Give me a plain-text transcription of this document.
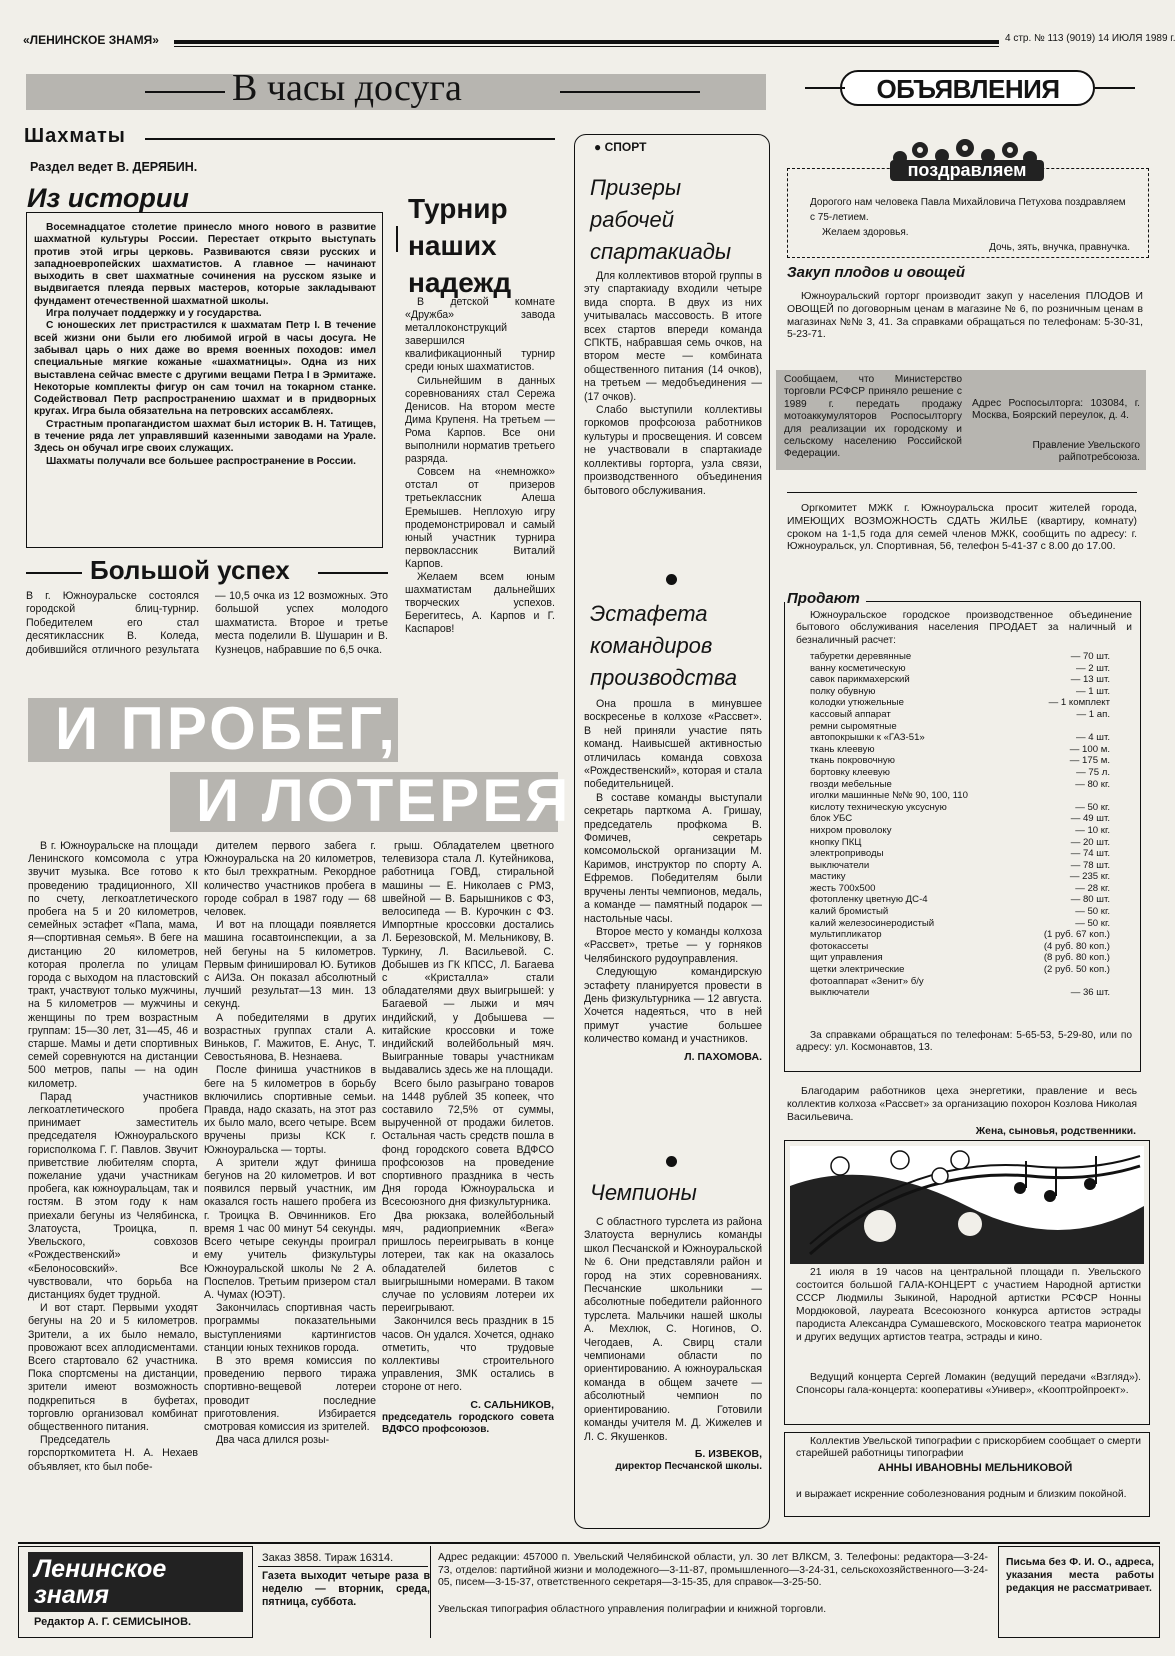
«ЛЕНИНСКОЕ ЗНАМЯ»	4 стр. № 113 (9019) 14 ИЮЛЯ 1989 г.
В часы досуга	ОБЪЯВЛЕНИЯ
Шахматы
Раздел ведет В. ДЕРЯБИН.
Из истории

Восемнадцатое столетие принесло много нового в развитие шахматной культуры России. Перестает открыто выступать против этой игры церковь. Развиваются связи русских и западноевропейских шахматистов. А главное — начинают выходить в свет шахматные сочинения на русском языке и выдвигается плеяда первых мастеров, которые закладывают фундамент отечественной шахматной школы.

Игра получает поддержку и у государства.

С юношеских лет пристрастился к шахматам Петр I. В течение всей жизни они были его любимой игрой в часы досуга. Не забывал царь о них даже во время военных походов: имел специальные мягкие кожаные «шахматницы». Одна из них выставлена сейчас вместе с другими вещами Петра I в Эрмитаже. Некоторые комплекты фигур он сам точил на токарном станке. Содействовал Петр распространению шахмат и в придворных кругах. Игра была обязательна на петровских ассамблеях.

Страстным пропагандистом шахмат был историк В. Н. Татищев, в течение ряда лет управлявший казенными заводами на Урале. Здесь он обучал игре своих служащих.

Шахматы получали все большее распространение в России.

Турнир наших надежд

В детской комнате «Дружба» завода металлоконструкций завершился квалификационный турнир среди юных шахматистов.

Сильнейшим в данных соревнованиях стал Сережа Денисов. На втором месте Дима Крупеня. На третьем — Рома Карпов. Все они выполнили норматив третьего разряда.

Совсем на «немножко» отстал от призеров третьеклассник Алеша Еремышев. Неплохую игру продемонстрировал и самый юный участник турнира первоклассник Виталий Карпов.

Желаем всем юным шахматистам дальнейших творческих успехов. Берегитесь, А. Карпов и Г. Каспаров!

Большой успех
В г. Южноуральске состоялся городской блиц-турнир. Победителем его стал десятиклассник В. Коледа, добившийся отличного результата — 10,5 очка из 12 возможных. Это большой успех молодого шахматиста. Второе и третье места поделили В. Шушарин и В. Кузнецов, набравшие по 6,5 очка.
И ПРОБЕГ,
И ЛОТЕРЕЯ

В г. Южноуральске на площади Ленинского комсомола с утра звучит музыка. Все готово к проведению традиционного, XII по счету, легкоатлетического пробега на 5 и 20 километров, семейных эстафет «Папа, мама, я—спортивная семья». В беге на дистанцию 20 километров, которая пролегла по улицам города с выходом на пластовский тракт, участвуют только мужчины, на 5 километров — мужчины и женщины по трем возрастным группам: 15—30 лет, 31—45, 46 и старше. Мамы и дети спортивных семей соревнуются на дистанции 500 метров, папы — на один километр.

Парад участников легкоатлетического пробега принимает заместитель председателя Южноуральского горисполкома Г. Г. Павлов. Звучит приветствие любителям спорта, пожелание удачи участникам пробега, как южноуральцам, так и гостям. В этом году к нам приехали бегуны из Челябинска, Златоуста, Троицка, п. Увельского, совхозов «Рождественский» и «Белоносовский». Все чувствовали, что борьба на дистанциях будет трудной.

И вот старт. Первыми уходят бегуны на 20 и 5 километров. Зрители, а их было немало, провожают всех аплодисментами. Всего стартовало 62 участника. Пока спортсмены на дистанции, зрители имеют возможность подкрепиться в буфетах, торговлю организовал комбинат общественного питания.

Председатель горспорткомитета Н. А. Нехаев объявляет, кто был побе-

дителем первого забега г. Южноуральска на 20 километров, кто был трехкратным. Рекордное количество участников пробега в городе собрал в 1987 году — 68 человек.

И вот на площади появляется машина госавтоинспекции, а за ней бегуны на 5 километров. Первым финишировал Ю. Бутиков с АИЗа. Он показал абсолютный лучший результат—13 мин. 13 секунд.

А победителями в других возрастных группах стали А. Виньков, Г. Мажитов, Е. Анус, Т. Севостьянова, В. Незнаева.

После финиша участников в беге на 5 километров в борьбу включились спортивные семьи. Правда, надо сказать, на этот раз их было мало, всего четыре. Всем вручены призы КСК г. Южноуральска — торты.

А зрители ждут финиша бегунов на 20 километров. И вот появился первый участник, им оказался гость нашего пробега из г. Троицка В. Овчинников. Его время 1 час 00 минут 54 секунды. Всего четыре секунды проиграл ему учитель физкультуры Южноуральской школы № 2 А. Поспелов. Третьим призером стал А. Чумах (ЮЭТ).

Закончилась спортивная часть программы показательными выступлениями картингистов станции юных техников города.

В это время комиссия по проведению первого тиража спортивно-вещевой лотереи проводит последние приготовления. Избирается смотровая комиссия из зрителей.

Два часа длился розы-

грыш. Обладателем цветного телевизора стала Л. Кутейникова, работница ГОВД, стиральной машины — Е. Николаев с РМЗ, швейной — В. Барышников с ФЗ, велосипеда — В. Курочкин с ФЗ. Импортные кроссовки достались Л. Березовской, М. Мельникову, В. Туркину, Л. Васильевой. С. Добышев из ГК КПСС, Л. Багаева с «Кристалла» стали обладателями двух выигрышей: у Багаевой — лыжи и мяч индийский, у Добышева — китайские кроссовки и тоже индийский волейбольный мяч. Выигранные товары участникам выдавались здесь же на площади.

Всего было разыграно товаров на 1448 рублей 35 копеек, что составило 72,5% от суммы, вырученной от продажи билетов. Остальная часть средств пошла в фонд городского совета ВДФСО профсоюзов на проведение спортивного праздника в честь Дня города Южноуральска и Всесоюзного дня физкультурника.

Два рюкзака, волейбольный мяч, радиоприемник «Вега» пришлось переигрывать в конце лотереи, так как на оказалось обладателей билетов с выигрышными номерами. В таком случае по условиям лотереи их переигрывают.

Закончился весь праздник в 15 часов. Он удался. Хочется, однако отметить, что трудовые коллективы строительного управления, ЗМК остались в стороне от него.

С. САЛЬНИКОВ,
председатель городского совета ВДФСО профсоюзов.
● СПОРТ
Призеры рабочей спартакиады

Для коллективов второй группы в эту спартакиаду входили четыре вида спорта. В двух из них учитывалась массовость. В итоге всех стартов впереди команда СПКТБ, набравшая семь очков, на втором месте — комбината общественного питания (14 очков), на третьем — медобъединения — (17 очков).

Слабо выступили коллективы горкомов профсоюза работников культуры и просвещения. И совсем не участвовали в спартакиаде коллективы горторга, узла связи, производственного объединения бытового обслуживания.

Эстафета командиров производства

Она прошла в минувшее воскресенье в колхозе «Рассвет». В ней приняли участие пять команд. Наивысшей активностью отличилась команда совхоза «Рождественский», которая и стала победительницей.

В составе команды выступали секретарь парткома А. Гришау, председатель профкома В. Фомичев, секретарь комсомольской организации М. Каримов, инструктор по спорту А. Ефремов. Победителям были вручены ленты чемпионов, медаль, а команде — памятный подарок — настольные часы.

Второе место у команды колхоза «Рассвет», третье — у горняков Челябинского рудоуправления.

Следующую командирскую эстафету планируется провести в День физкультурника — 12 августа. Хочется надеяться, что в ней примут участие большее количество команд и участников.

Л. ПАХОМОВА.
Чемпионы

С областного турслета из района Златоуста вернулись команды школ Песчанской и Южноуральской № 6. Они представляли район и город на этих соревнованиях. Песчанские школьники — абсолютные победители районного турслета. Мальчики нашей школы А. Мехлюк, С. Ногинов, О. Чегодаев, А. Свирц стали чемпионами области по ориентированию. А южноуральская команда в общем зачете — абсолютный чемпион по ориентированию. Готовили команды учителя М. Д. Жижелев и Л. С. Якушенков.

Б. ИЗВЕКОВ,
директор Песчанской школы.
поздравляем
Дорогого нам человека Павла Михайловича Петухова поздравляем с 75-летием.
Желаем здоровья.
Дочь, зять, внучка, правнучка.
Закуп плодов и овощей
Южноуральский горторг производит закуп у населения ПЛОДОВ И ОВОЩЕЙ по договорным ценам в магазине № 6, по розничным ценам в магазинах №№ 3, 41. За справками обращаться по телефонам: 5-30-31, 5-23-71.
Сообщаем, что Министерство торговли РСФСР приняло решение с 1989 г. передать продажу мотоаккумуляторов Роспосылторгу для реализации их городскому и сельскому населению Российской Федерации.
Адрес Роспосылторга: 103084, г. Москва, Боярский переулок, д. 4.
Правление Увельского райпотребсоюза.
Оргкомитет МЖК г. Южноуральска просит жителей города, ИМЕЮЩИХ ВОЗМОЖНОСТЬ СДАТЬ ЖИЛЬЕ (квартиру, комнату) сроком на 1-1,5 года для семей членов МЖК, сообщить по адресу: г. Южноуральск, ул. Спортивная, 56, телефон 5-41-37 с 8.00 до 17.00.
Продают
Южноуральское городское производственное объединение бытового обслуживания населения ПРОДАЕТ за наличный и безналичный расчет:
табуретки деревянные	— 70 шт.
ванну косметическую	— 2 шт.
савок парикмахерский	— 13 шт.
полку обувную	— 1 шт.
колодки утюжельные	— 1 комплект
кассовый аппарат	— 1 ап.
ремни сыромятные	
автопокрышки к «ГАЗ-51»	— 4 шт.
ткань клеевую	— 100 м.
ткань покровочную	— 175 м.
бортовку клеевую	— 75 л.
гвозди мебельные	— 80 кг.
иголки машинные №№ 90, 100, 110	
кислоту техническую уксусную	— 50 кг.
блок УБС	— 49 шт.
нихром проволоку	— 10 кг.
кнопку ПКЦ	— 20 шт.
электроприводы	— 74 шт.
выключатели	— 78 шт.
мастику	— 235 кг.
жесть 700х500	— 28 кг.
фотопленку цветную ДС-4	— 80 шт.
калий бромистый	— 50 кг.
калий железосинеродистый	— 50 кг.
мультипликатор	(1 руб. 67 коп.)
фотокассеты	(4 руб. 80 коп.)
щит управления	(8 руб. 80 коп.)
щетки электрические	(2 руб. 50 коп.)
фотоаппарат «Зенит» б/у	
выключатели	— 36 шт.
За справками обращаться по телефонам: 5-65-53, 5-29-80, или по адресу: ул. Космонавтов, 13.
Благодарим работников цеха энергетики, правление и весь коллектив колхоза «Рассвет» за организацию похорон Козлова Николая Васильевича.
Жена, сыновья, родственники.
21 июля в 19 часов на центральной площади п. Увельского состоится большой ГАЛА-КОНЦЕРТ с участием Народной артистки СССР Людмилы Зыкиной, Народной артистки РСФСР Нонны Мордюковой, лауреата Всесоюзного конкурса артистов эстрады пародиста Александра Сумашевского, Московского театра марионеток и других ведущих артистов театра, эстрады и кино.
Ведущий концерта Сергей Ломакин (ведущий передачи «Взгляд»). Спонсоры гала-концерта: кооперативы «Универ», «Кооптройпроект».
Коллектив Увельской типографии с прискорбием сообщает о смерти старейшей работницы типографии
АННЫ ИВАНОВНЫ МЕЛЬНИКОВОЙ
и выражает искренние соболезнования родным и близким покойной.
Ленинское знамя
Редактор А. Г. СЕМИСЫНОВ.
Заказ 3858. Тираж 16314.
Газета выходит четыре раза в неделю — вторник, среда, пятница, суббота.
Адрес редакции: 457000 п. Увельский Челябинской области, ул. 30 лет ВЛКСМ, 3. Телефоны: редактора—3-24-73, отделов: партийной жизни и молодежного—3-11-87, промышленного—3-24-31, сельскохозяйственного—3-24-05, писем—3-15-37, ответственного секретаря—3-15-35, для справок—3-25-50.
Увельская типография областного управления полиграфии и книжной торговли.
Письма без Ф. И. О., адреса, указания места работы редакция не рассматривает.
